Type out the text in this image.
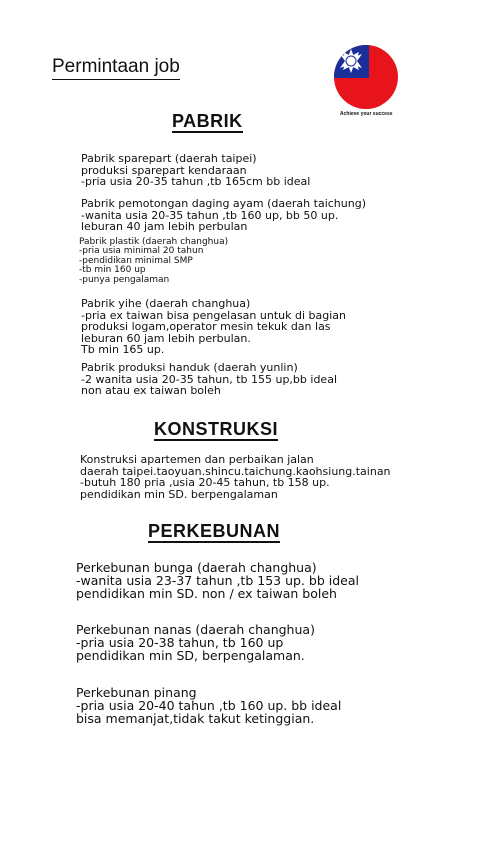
Permintaan job
Achieve your success
PABRIK
Pabrik sparepart (daerah taipei)
produksi sparepart kendaraan
-pria usia 20-35 tahun ,tb 165cm bb ideal
Pabrik pemotongan daging ayam (daerah taichung)
-wanita usia 20-35 tahun ,tb 160 up, bb 50 up.
leburan 40 jam lebih perbulan
Pabrik plastik (daerah changhua)
-pria usia minimal 20 tahun
-pendidikan minimal SMP
-tb min 160 up
-punya pengalaman
Pabrik yihe (daerah changhua)
-pria ex taiwan bisa pengelasan untuk di bagian
produksi logam,operator mesin tekuk dan las
leburan 60 jam lebih perbulan.
Tb min 165 up.
Pabrik produksi handuk (daerah yunlin)
-2 wanita usia 20-35 tahun, tb 155 up,bb ideal
non atau ex taiwan boleh
KONSTRUKSI
Konstruksi apartemen dan perbaikan jalan
daerah taipei.taoyuan.shincu.taichung.kaohsiung.tainan
-butuh 180 pria ,usia 20-45 tahun, tb 158 up.
pendidikan min SD. berpengalaman
PERKEBUNAN
Perkebunan bunga (daerah changhua)
-wanita usia 23-37 tahun ,tb 153 up. bb ideal
pendidikan min SD. non / ex taiwan boleh
Perkebunan nanas (daerah changhua)
-pria usia 20-38 tahun, tb 160 up
pendidikan min SD, berpengalaman.
Perkebunan pinang
-pria usia 20-40 tahun ,tb 160 up. bb ideal
bisa memanjat,tidak takut ketinggian.
